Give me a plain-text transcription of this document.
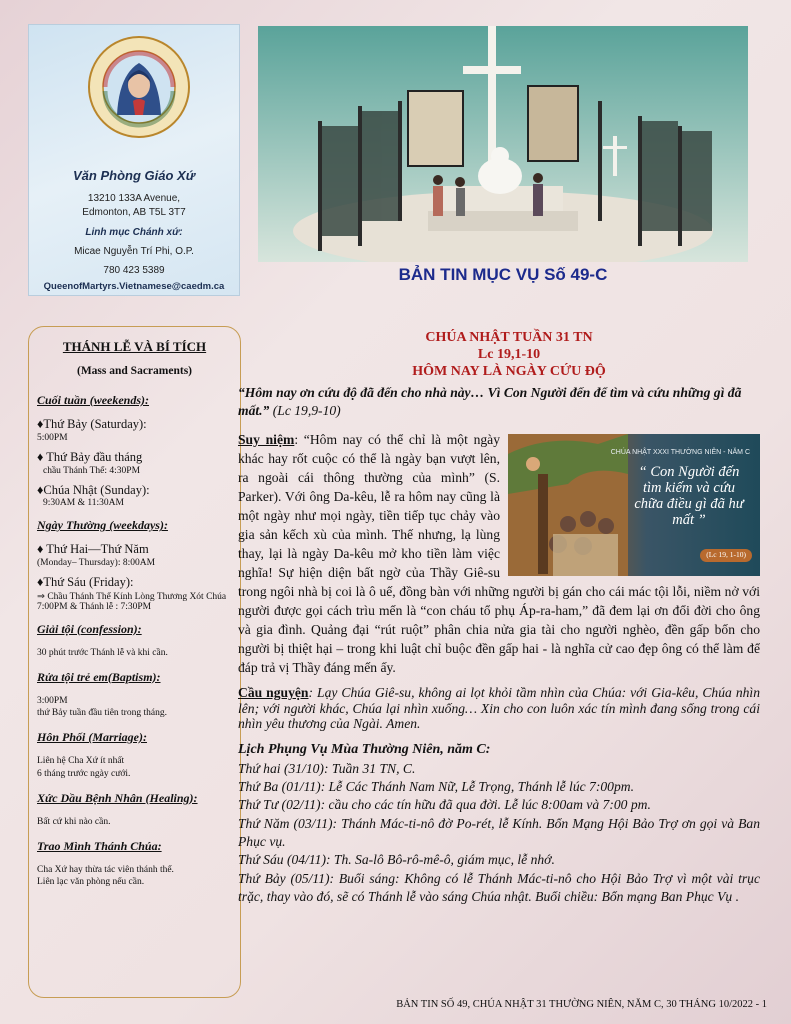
Văn Phòng Giáo Xứ
13210 133A Avenue,
Edmonton, AB T5L 3T7
Linh mục Chánh xứ:
Micae Nguyễn Trí Phi, O.P.
780 423 5389
QueenofMartyrs.Vietnamese@caedm.ca
BẢN TIN MỤC VỤ Số 49-C
THÁNH LỄ VÀ BÍ TÍCH
(Mass and Sacraments)
Cuối tuần (weekends):
♦Thứ Bảy (Saturday):
5:00PM
♦ Thứ Bảy đầu tháng
chầu Thánh Thể: 4:30PM
♦Chúa Nhật (Sunday):
9:30AM & 11:30AM
Ngày Thường (weekdays):
♦ Thứ Hai—Thứ Năm
(Monday– Thursday): 8:00AM
♦Thứ Sáu (Friday):
⇒ Chầu Thánh Thể Kính Lòng Thương Xót Chúa 7:00PM & Thánh lễ : 7:30PM
Giải tội (confession):
30 phút trước Thánh lễ và khi cần.
Rửa tội trẻ em(Baptism):
3:00PM
thứ Bảy tuần đầu tiên trong tháng.
Hôn Phối (Marriage):
Liên hệ Cha Xứ ít nhất
6 tháng trước ngày cưới.
Xức Dầu Bệnh Nhân (Healing):
Bất cứ khi nào cần.
Trao Mình Thánh Chúa:
Cha Xứ hay thừa tác viên thánh thể.
Liên lạc văn phòng nếu cần.
CHÚA NHẬT TUẦN 31 TN
Lc 19,1-10
HÔM NAY LÀ NGÀY CỨU ĐỘ
“Hôm nay ơn cứu độ đã đến cho nhà này… Vì Con Người đến để tìm và cứu những gì đã mất.” (Lc 19,9-10)
CHÚA NHẬT XXXI THƯỜNG NIÊN - NĂM C
“ Con Người đến tìm kiếm và cứu chữa điều gì đã hư mất ”
(Lc 19, 1-10)
Suy niệm: “Hôm nay có thể chỉ là một ngày khác hay rốt cuộc có thể là ngày bạn vượt lên, ra ngoài cái thông thường của mình” (S. Parker). Với ông Da-kêu, lễ ra hôm nay cũng là một ngày như mọi ngày, tiền tiếp tục chảy vào gia sản kếch xù của mình. Thế nhưng, lạ lùng thay, lại là ngày Da-kêu mở kho tiền làm việc nghĩa! Sự hiện diện bất ngờ của Thầy Giê-su trong ngôi nhà bị coi là ô uế, đồng bàn với những người bị gán cho cái mác tội lỗi, niềm nở với người được gọi cách trìu mến là “con cháu tổ phụ Áp-ra-ham,” đã đem lại ơn đổi đời cho ông và gia đình. Quảng đại “rút ruột” phân chia nửa gia tài cho người nghèo, đền gấp bốn cho người bị thiệt hại – trong khi luật chỉ buộc đền gấp hai - là nghĩa cử cao đẹp ông có thể làm để đáp trả vị Thầy đáng mến ấy.
Cầu nguyện: Lạy Chúa Giê-su, không ai lọt khỏi tầm nhìn của Chúa: với Gia-kêu, Chúa nhìn lên; với người khác, Chúa lại nhìn xuống… Xin cho con luôn xác tín mình đang sống trong cái nhìn yêu thương của Ngài. Amen.
Lịch Phụng Vụ Mùa Thường Niên, năm C:
Thứ hai (31/10): Tuần 31 TN, C.
Thứ Ba (01/11): Lễ Các Thánh Nam Nữ, Lễ Trọng, Thánh lễ lúc 7:00pm.
Thứ Tư (02/11): cầu cho các tín hữu đã qua đời. Lễ lúc 8:00am và 7:00 pm.
Thứ Năm (03/11): Thánh Mác-ti-nô đờ Po-rét, lễ Kính. Bổn Mạng Hội Bảo Trợ ơn gọi và Ban Phục vụ.
Thứ Sáu (04/11): Th. Sa-lô Bô-rô-mê-ô, giám mục, lễ nhớ.
Thứ Bảy (05/11): Buổi sáng: Không có lễ Thánh Mác-ti-nô cho Hội Bảo Trợ vì một vài trục trặc, thay vào đó, sẽ có Thánh lễ vào sáng Chúa nhật. Buổi chiều: Bổn mạng Ban Phục Vụ .
BẢN TIN SỐ 49, CHÚA NHẬT 31 THƯỜNG NIÊN, NĂM C, 30 THÁNG 10/2022 - 1
